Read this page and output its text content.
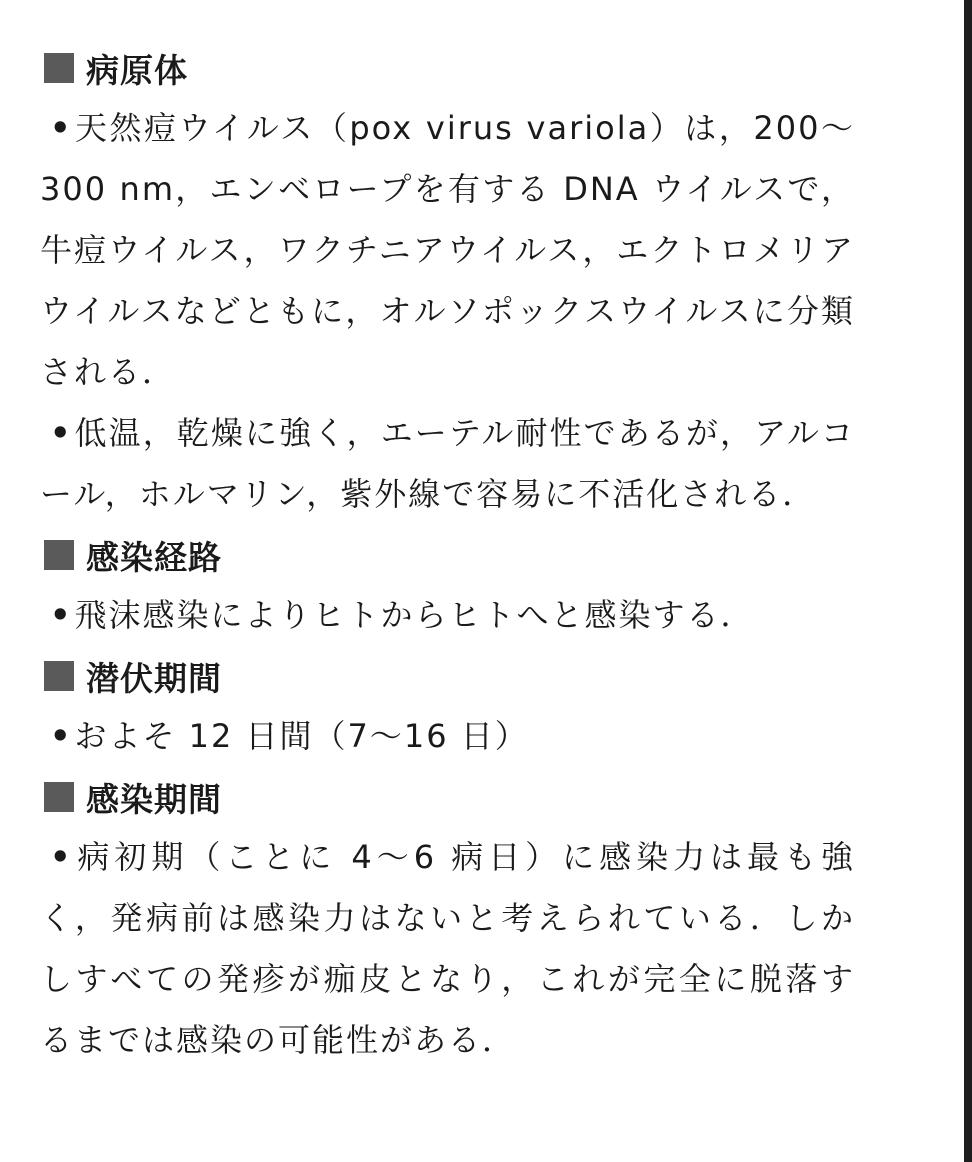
病原体
•天然痘ウイルス（pox virus variola）は，200〜300 nm，エンベロープを有する DNA ウイルスで，牛痘ウイルス，ワクチニアウイルス，エクトロメリアウイルスなどともに，オルソポックスウイルスに分類される．
•低温，乾燥に強く，エーテル耐性であるが，アルコール，ホルマリン，紫外線で容易に不活化される．
感染経路
•飛沫感染によりヒトからヒトへと感染する．
潜伏期間
•およそ 12 日間（7〜16 日）
感染期間
•病初期（ことに 4〜6 病日）に感染力は最も強く，発病前は感染力はないと考えられている．しかしすべての発疹が痂皮となり，これが完全に脱落するまでは感染の可能性がある．
